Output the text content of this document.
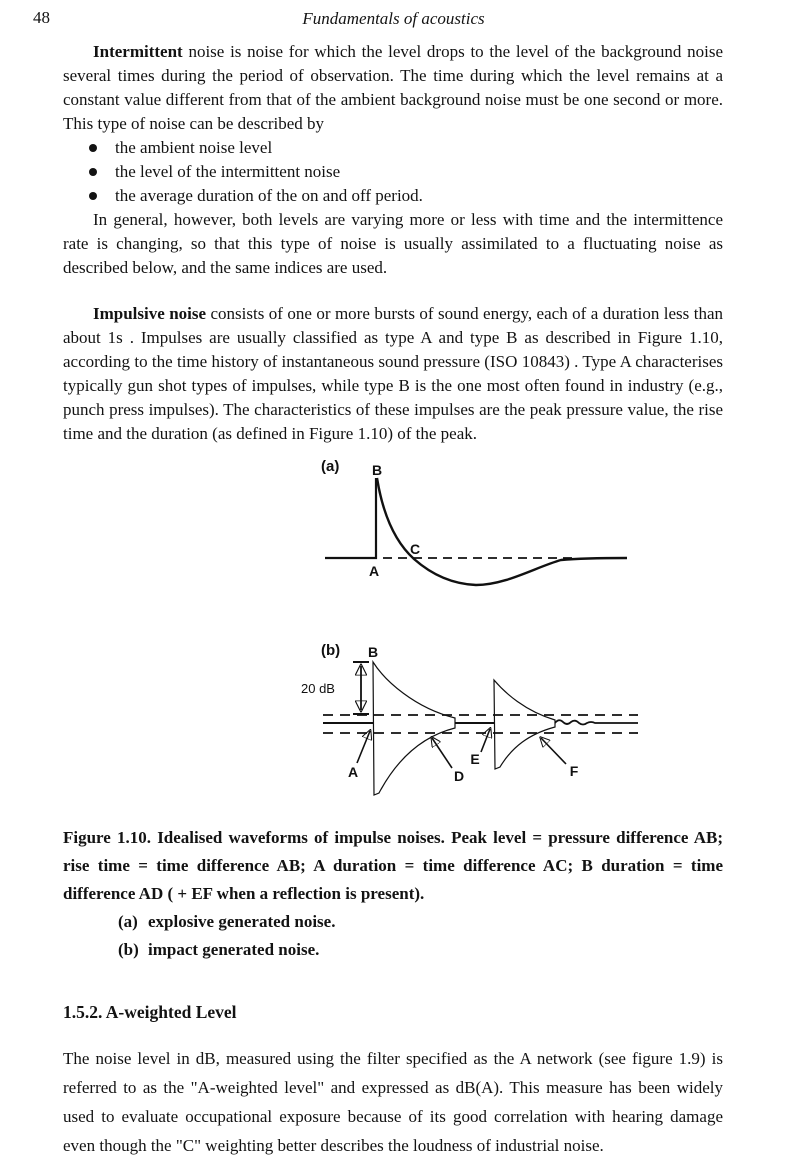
48	Fundamentals of acoustics

Intermittent noise is noise for which the level drops to the level of the background noise several times during the period of observation. The time during which the level remains at a constant value different from that of the ambient background noise must be one second or more. This type of noise can be described by

the ambient noise level
the level of the intermittent noise
the average duration of the on and off period.

In general, however, both levels are varying more or less with time and the intermittence rate is changing, so that this type of noise is usually assimilated to a fluctuating noise as described below, and the same indices are used.

Impulsive noise consists of one or more bursts of sound energy, each of a duration less than about 1s . Impulses are usually classified as type A and type B as described in Figure 1.10, according to the time history of instantaneous sound pressure (ISO 10843) . Type A characterises typically gun shot types of impulses, while type B is the one most often found in industry (e.g., punch press impulses). The characteristics of these impulses are the peak pressure value, the rise time and the duration (as defined in Figure 1.10) of the peak.

(a) B
A
C
(b) B
20 dB
A	D
E
F

Figure 1.10. Idealised waveforms of impulse noises. Peak level = pressure difference AB; rise time = time difference AB; A duration = time difference AC; B duration = time difference AD ( + EF when a reflection is present).

(a) explosive generated noise.
(b) impact generated noise.
1.5.2. A-weighted Level

The noise level in dB, measured using the filter specified as the A network (see figure 1.9) is referred to as the "A-weighted level" and expressed as dB(A). This measure has been widely used to evaluate occupational exposure because of its good correlation with hearing damage even though the "C" weighting better describes the loudness of industrial noise.
